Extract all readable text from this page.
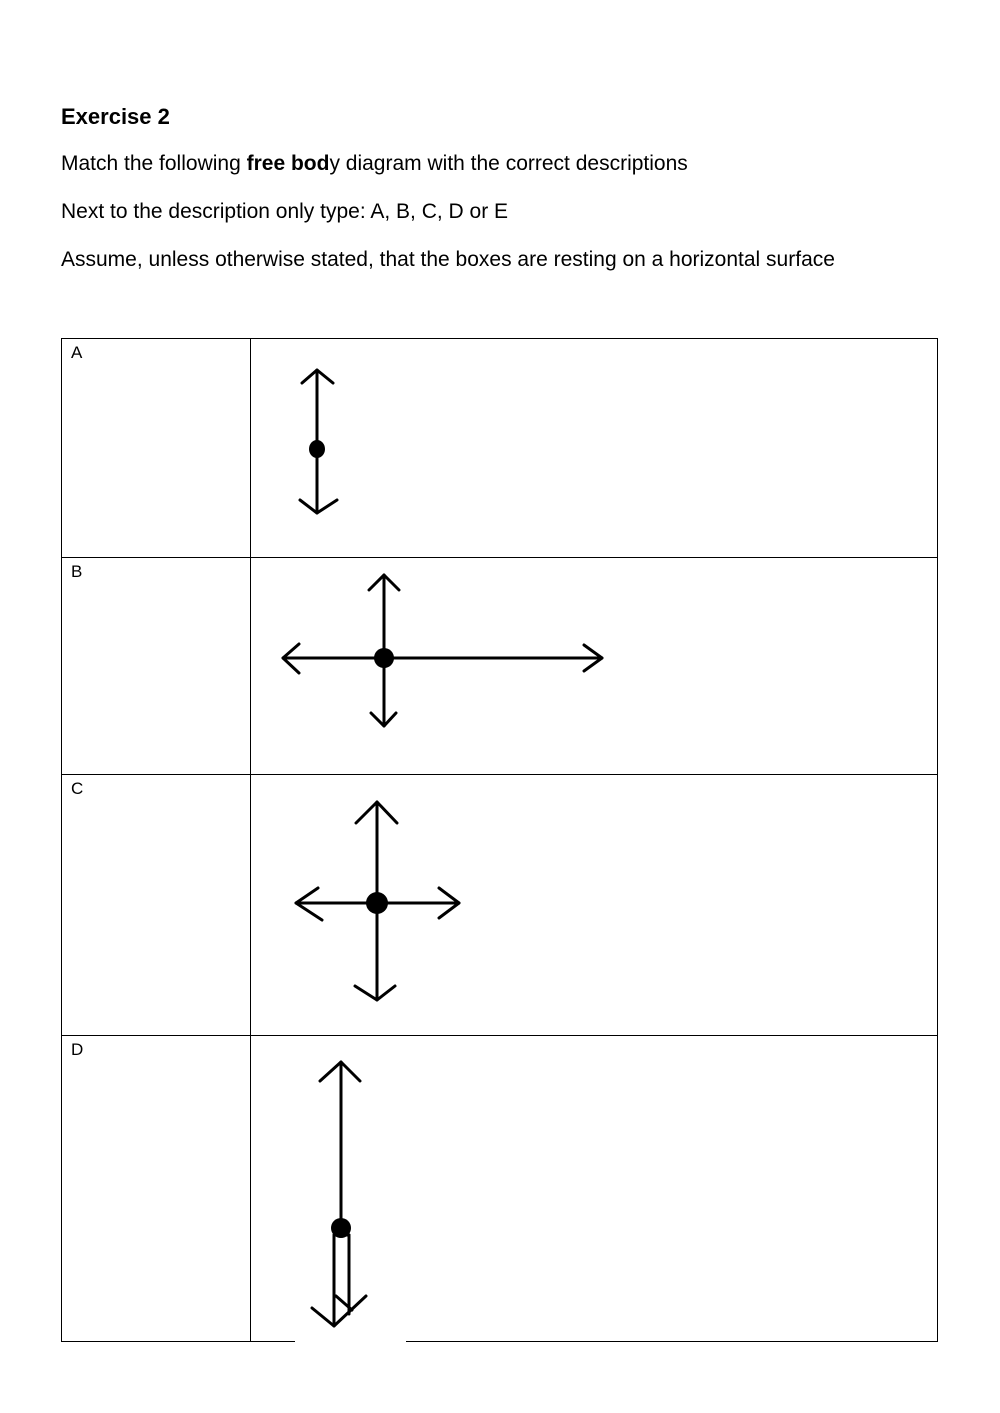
Exercise 2
Match the following free body diagram with the correct descriptions
Next to the description only type: A, B, C, D or E
Assume, unless otherwise stated, that the boxes are resting on a horizontal surface
A
B
C
D
